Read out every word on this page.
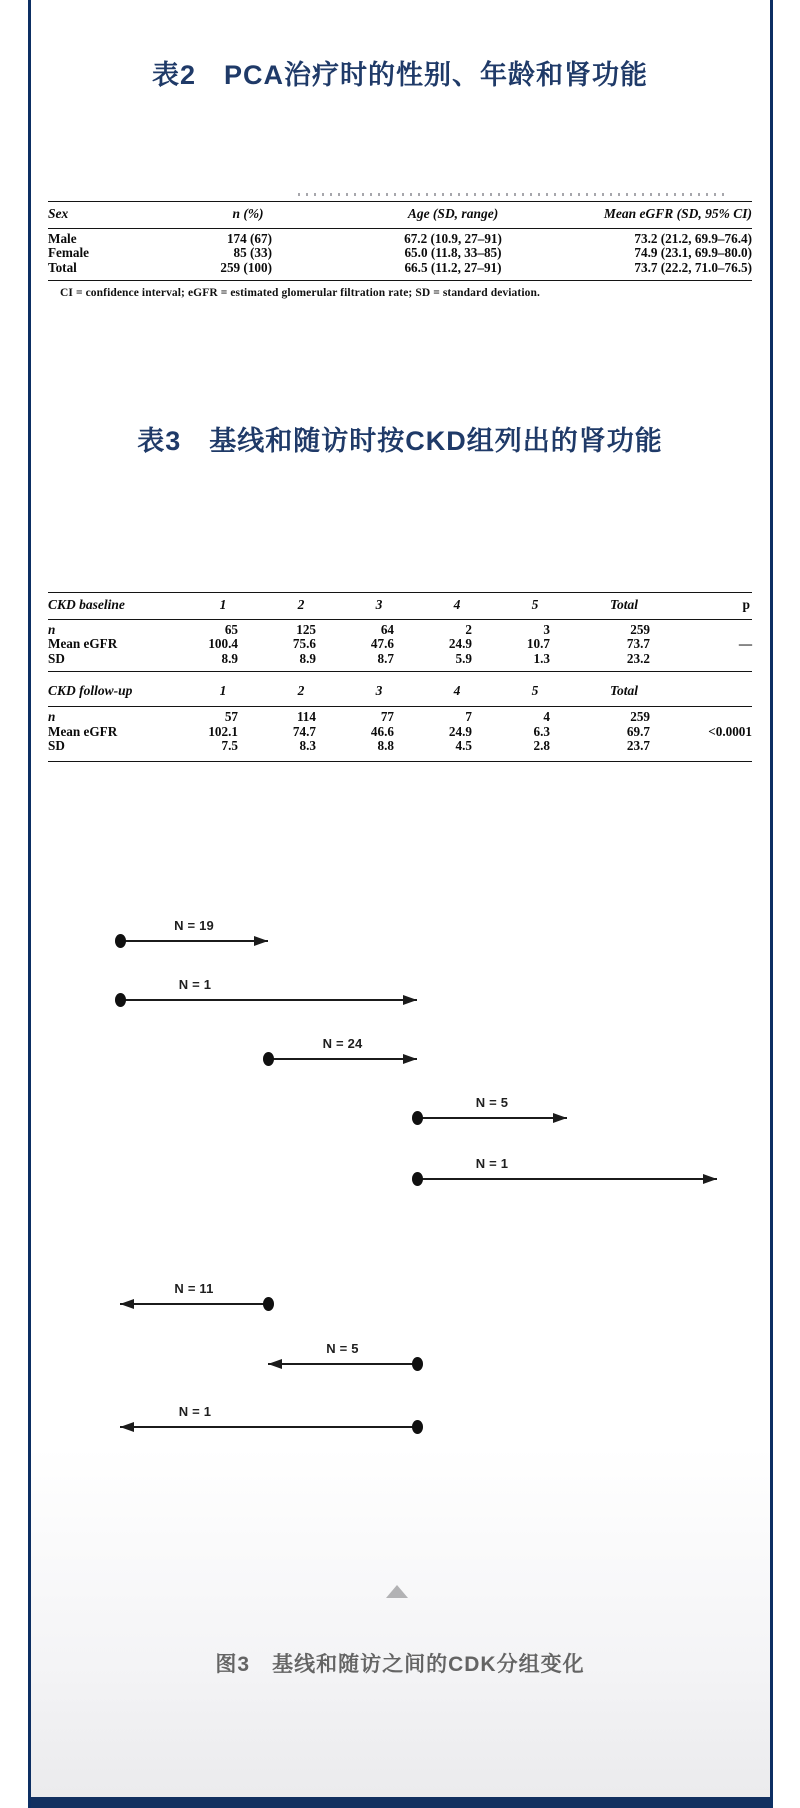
表2　PCA治疗时的性别、年龄和肾功能
Sex	n (%)	Age (SD, range)	Mean eGFR (SD, 95% CI)
Male	174 (67)	67.2 (10.9, 27–91)	73.2 (21.2, 69.9–76.4)
Female	85 (33)	65.0 (11.8, 33–85)	74.9 (23.1, 69.9–80.0)
Total	259 (100)	66.5 (11.2, 27–91)	73.7 (22.2, 71.0–76.5)
CI = confidence interval; eGFR = estimated glomerular filtration rate; SD = standard deviation.
表3　基线和随访时按CKD组列出的肾功能
CKD baseline	1	2	3	4	5	Total	p
n	65	125	64	2	3	259	
Mean eGFR	100.4	75.6	47.6	24.9	10.7	73.7	—
SD	8.9	8.9	8.7	5.9	1.3	23.2	
CKD follow-up	1	2	3	4	5	Total	
n	57	114	77	7	4	259	
Mean eGFR	102.1	74.7	46.6	24.9	6.3	69.7	<0.0001
SD	7.5	8.3	8.8	4.5	2.8	23.7	
N = 19
N = 1
N = 24
N = 5
N = 1
N = 11
N = 5
N = 1
图3　基线和随访之间的CDK分组变化
